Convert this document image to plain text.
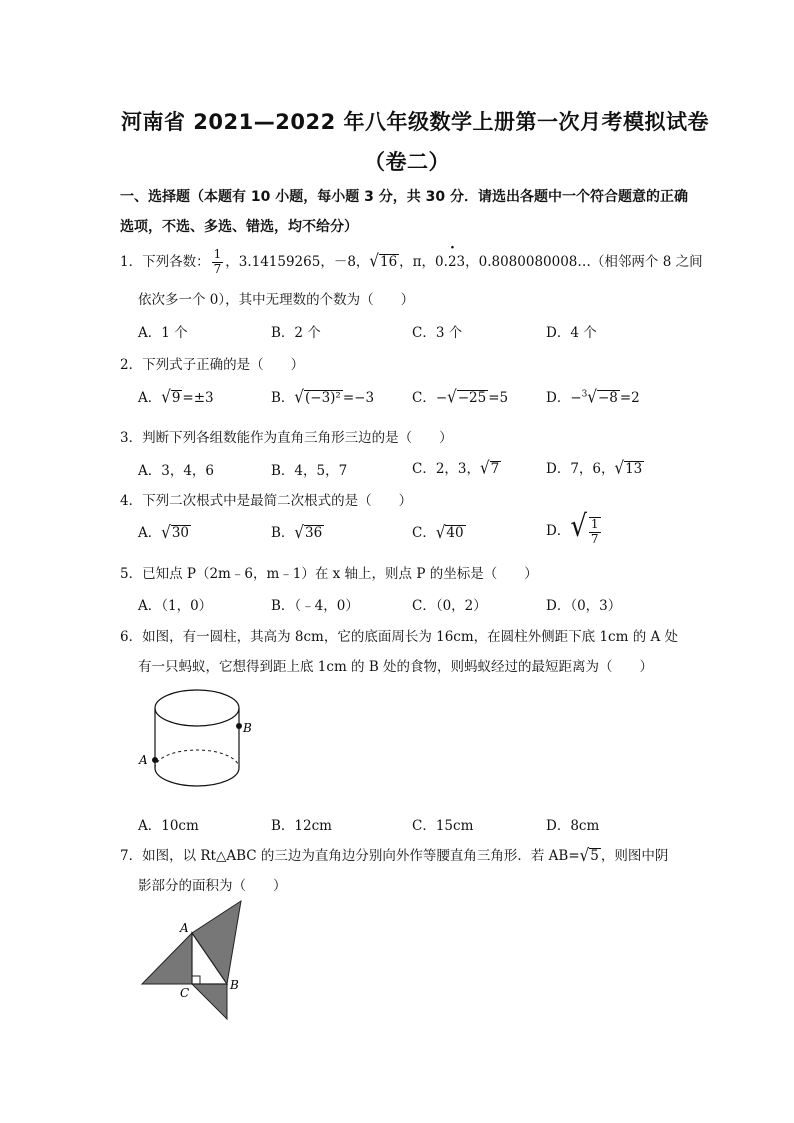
河南省 2021—2022 年八年级数学上册第一次月考模拟试卷
（卷二）
一、选择题（本题有 10 小题，每小题 3 分，共 30 分．请选出各题中一个符合题意的正确
选项，不选、多选、错选，均不给分）
1．下列各数： $\frac{1}{7}$ ，3.14159265，－8，√16 ，π，0.· 23，0.8080080008…（相邻两个 8 之间
依次多一个 0），其中无理数的个数为（　　）
A．1 个	B．2 个	C．3 个	D．4 个
2．下列式子正确的是（　　）
A．√9 =±3	B．√(−3)² =−3	C．−√−25 =5	D．−$^3$√−8 =2
3．判断下列各组数能作为直角三角形三边的是（　　）
A．3，4，6	B．4，5，7	C．2，3，√7	D．7，6，√13
4．下列二次根式中是最简二次根式的是（　　）
A．√30	B．√36	C．√40	D．√ $\frac{1}{7}$
5．已知点 P（2m﹣6，m﹣1）在 x 轴上，则点 P 的坐标是（　　）
A．（1，0）	B．（﹣4，0）	C．（0，2）	D．（0，3）
6．如图，有一圆柱，其高为 8cm，它的底面周长为 16cm，在圆柱外侧距下底 1cm 的 A 处
有一只蚂蚁，它想得到距上底 1cm 的 B 处的食物，则蚂蚁经过的最短距离为（　　）
A
B
A．10cm	B．12cm	C．15cm	D．8cm
7．如图，以 Rt△ABC 的三边为直角边分别向外作等腰直角三角形．若 AB=√5 ，则图中阴
影部分的面积为（　　）
A
C
B
